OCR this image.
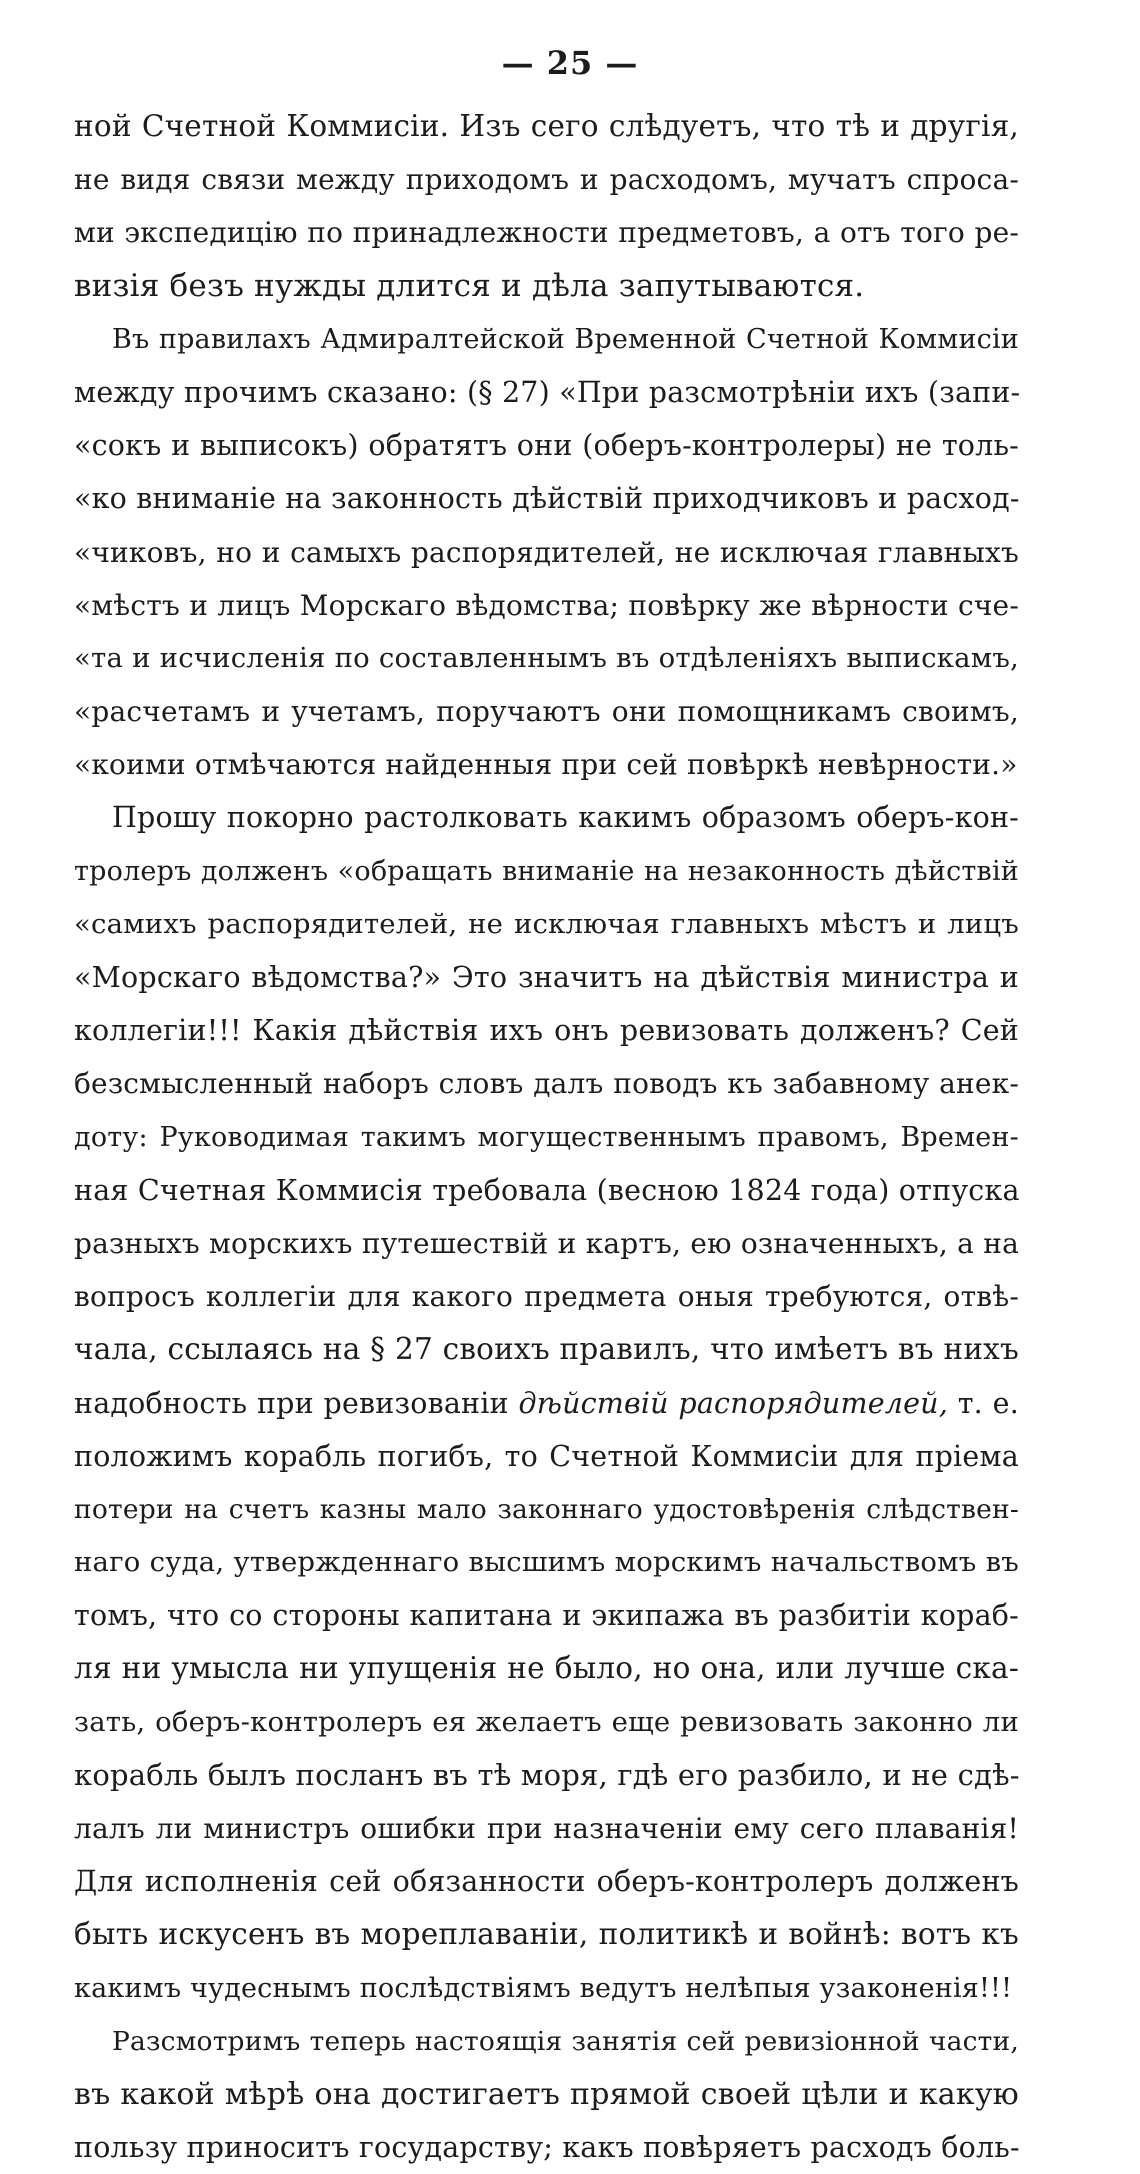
— 25 —
ной Счетной Коммисіи. Изъ сего слѣдуетъ, что тѣ и другія,
не видя связи между приходомъ и расходомъ, мучатъ спроса-
ми экспедицію по принадлежности предметовъ, а отъ того ре-
визія безъ нужды длится и дѣла запутываются.
Въ правилахъ Адмиралтейской Временной Счетной Коммисіи
между прочимъ сказано: (§ 27) «При разсмотрѣніи ихъ (запи-
«сокъ и выписокъ) обратятъ они (оберъ-контролеры) не толь-
«ко вниманіе на законность дѣйствій приходчиковъ и расход-
«чиковъ, но и самыхъ распорядителей, не исключая главныхъ
«мѣстъ и лицъ Морскаго вѣдомства; повѣрку же вѣрности сче-
«та и исчисленія по составленнымъ въ отдѣленіяхъ выпискамъ,
«расчетамъ и учетамъ, поручаютъ они помощникамъ своимъ,
«коими отмѣчаются найденныя при сей повѣркѣ невѣрности.»
Прошу покорно растолковать какимъ образомъ оберъ-кон-
тролеръ долженъ «обращать вниманіе на незаконность дѣйствій
«самихъ распорядителей, не исключая главныхъ мѣстъ и лицъ
«Морскаго вѣдомства?» Это значитъ на дѣйствія министра и
коллегіи!!! Какія дѣйствія ихъ онъ ревизовать долженъ? Сей
безсмысленный наборъ словъ далъ поводъ къ забавному анек-
доту: Руководимая такимъ могущественнымъ правомъ, Времен-
ная Счетная Коммисія требовала (весною 1824 года) отпуска
разныхъ морскихъ путешествій и картъ, ею означенныхъ, а на
вопросъ коллегіи для какого предмета оныя требуются, отвѣ-
чала, ссылаясь на § 27 своихъ правилъ, что имѣетъ въ нихъ
надобность при ревизованіи дѣйствій распорядителей, т. е.
положимъ корабль погибъ, то Счетной Коммисіи для пріема
потери на счетъ казны мало законнаго удостовѣренія слѣдствен-
наго суда, утвержденнаго высшимъ морскимъ начальствомъ въ
томъ, что со стороны капитана и экипажа въ разбитіи кораб-
ля ни умысла ни упущенія не было, но она, или лучше ска-
зать, оберъ-контролеръ ея желаетъ еще ревизовать законно ли
корабль былъ посланъ въ тѣ моря, гдѣ его разбило, и не сдѣ-
лалъ ли министръ ошибки при назначеніи ему сего плаванія!
Для исполненія сей обязанности оберъ-контролеръ долженъ
быть искусенъ въ мореплаваніи, политикѣ и войнѣ: вотъ къ
какимъ чудеснымъ послѣдствіямъ ведутъ нелѣпыя узаконенія!!!
Разсмотримъ теперь настоящія занятія сей ревизіонной части,
въ какой мѣрѣ она достигаетъ прямой своей цѣли и какую
пользу приноситъ государству; какъ повѣряетъ расходъ боль-
